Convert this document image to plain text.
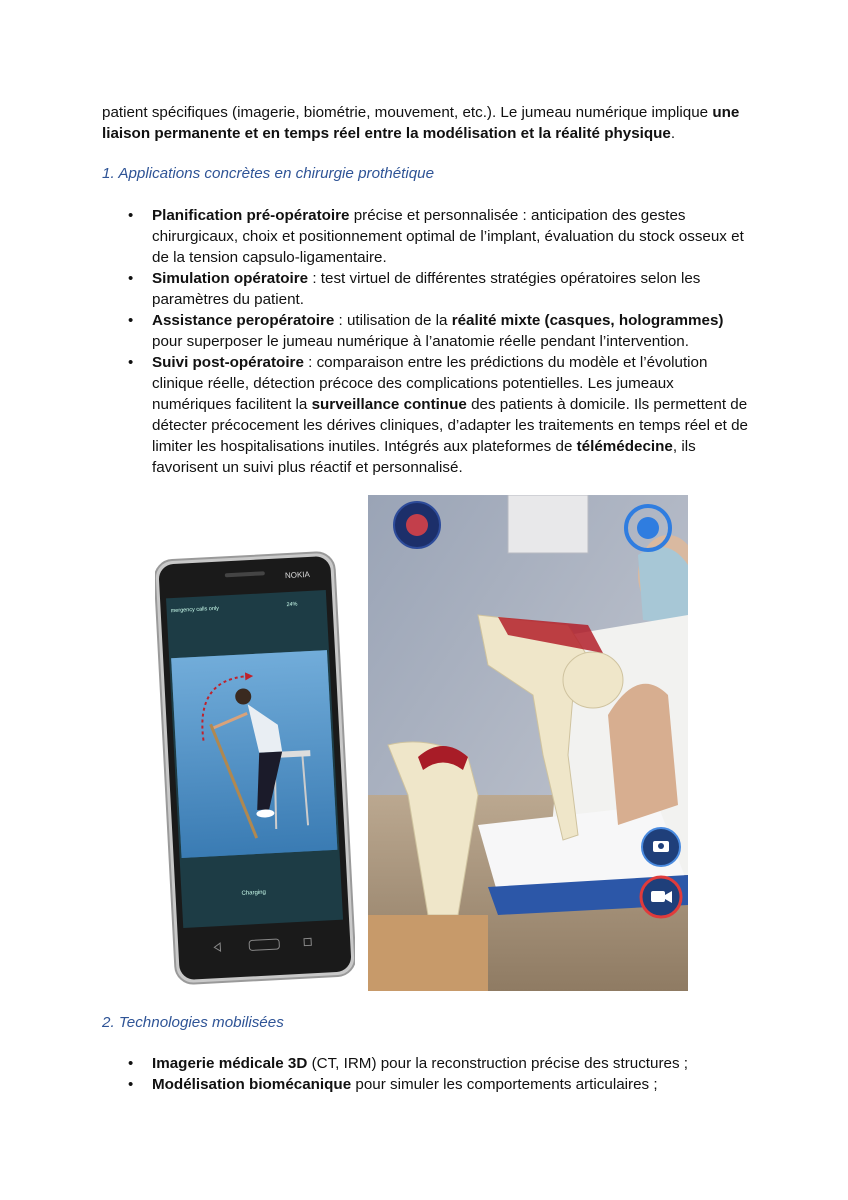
patient spécifiques (imagerie, biométrie, mouvement, etc.). Le jumeau numérique implique une liaison permanente et en temps réel entre la modélisation et la réalité physique.

1. Applications concrètes en chirurgie prothétique
• Planification pré-opératoire précise et personnalisée : anticipation des gestes chirurgicaux, choix et positionnement optimal de l’implant, évaluation du stock osseux et de la tension capsulo-ligamentaire.
• Simulation opératoire : test virtuel de différentes stratégies opératoires selon les paramètres du patient.
• Assistance peropératoire : utilisation de la réalité mixte (casques, hologrammes) pour superposer le jumeau numérique à l’anatomie réelle pendant l’intervention.
• Suivi post-opératoire : comparaison entre les prédictions du modèle et l’évolution clinique réelle, détection précoce des complications potentielles. Les jumeaux numériques facilitent la surveillance continue des patients à domicile. Ils permettent de détecter précocement les dérives cliniques, d’adapter les traitements en temps réel et de limiter les hospitalisations inutiles. Intégrés aux plateformes de télémédecine, ils favorisent un suivi plus réactif et personnalisé.
NOKIA
mergency calls only
24%
Charging
2. Technologies mobilisées
• Imagerie médicale 3D (CT, IRM) pour la reconstruction précise des structures ;
• Modélisation biomécanique pour simuler les comportements articulaires ;
